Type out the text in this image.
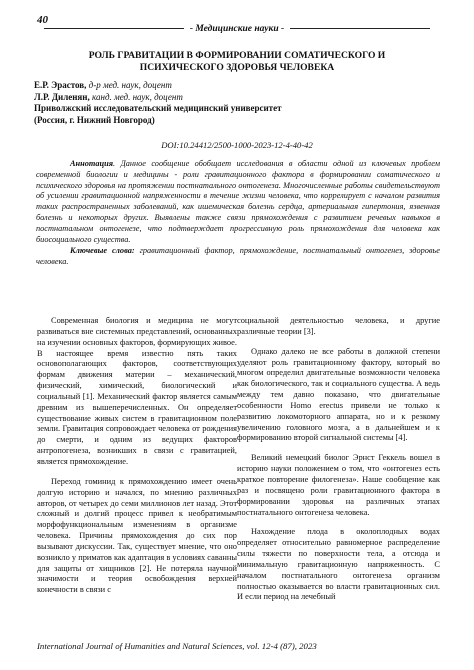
40
- Медицинские науки -
РОЛЬ ГРАВИТАЦИИ В ФОРМИРОВАНИИ СОМАТИЧЕСКОГО И
ПСИХИЧЕСКОГО ЗДОРОВЬЯ ЧЕЛОВЕКА
Е.Р. Эрастов, д-р мед. наук, доцент
Л.Р. Диленян, канд. мед. наук, доцент
Приволжский исследовательский медицинский университет
(Россия, г. Нижний Новгород)
DOI:10.24412/2500-1000-2023-12-4-40-42
Аннотация. Данное сообщение обобщает исследования в области одной из ключевых проблем современной биологии и медицины - роли гравитационного фактора в формировании соматического и психического здоровья на протяжении постнатального онтогенеза. Многочисленные работы свидетельствуют об усилении гравитационной напряженности в течение жизни человека, что коррелирует с началом развития таких распространенных заболеваний, как ишемическая болезнь сердца, артериальная гипертония, язвенная болезнь и некоторых других. Выявлены также связи прямохождения с развитием речевых навыков в постнатальном онтогенезе, что подтверждает прогрессивную роль прямохождения для человека как биосоциального существа.
Ключевые слова: гравитационный фактор, прямохождение, постнатальный онтогенез, здоровье человека.

Современная биология и медицина не могут развиваться вне системных представлений, основанных на изучении основных факторов, формирующих живое. В настоящее время известно пять таких основополагающих факторов, соответствующих формам движения материи – механический, физический, химический, биологический и социальный [1]. Механический фактор является самым древним из вышеперечисленных. Он определяет существование живых систем в гравитационном поле земли. Гравитация сопровождает человека от рождения до смерти, и одним из ведущих факторов антропогенеза, возникших в связи с гравитацией, является прямохождение.

Переход гоминид к прямохождению имеет очень долгую историю и начался, по мнению различных авторов, от четырех до семи миллионов лет назад. Этот сложный и долгий процесс привел к необратимым морфофункциональным изменениям в организме человека. Причины прямохождения до сих пор вызывают дискуссии. Так, существует мнение, что оно возникло у приматов как адаптация в условиях саванны для защиты от хищников [2]. Не потеряла научной значимости и теория освобождения верхней конечности в связи с

социальной деятельностью человека, и другие различные теории [3].

Однако далеко не все работы в должной степени уделяют роль гравитационному фактору, который во многом определил двигательные возможности человека как биологического, так и социального существа. А ведь между тем давно показано, что двигательные особенности Homo erectus привели не только к развитию локомоторного аппарата, но и к резкому увеличению головного мозга, а в дальнейшем и к формированию второй сигнальной системы [4].

Великий немецкий биолог Эрнст Геккель вошел в историю науки положением о том, что «онтогенез есть краткое повторение филогенеза». Наше сообщение как раз и посвящено роли гравитационного фактора в формировании здоровья на различных этапах постнатального онтогенеза человека.

Нахождение плода в околоплодных водах определяет относительно равномерное распределение силы тяжести по поверхности тела, а отсюда и минимальную гравитационную напряженность. С началом постнатального онтогенеза организм полностью оказывается во власти гравитационных сил. И если период на лечебный

International Journal of Humanities and Natural Sciences, vol. 12-4 (87), 2023
